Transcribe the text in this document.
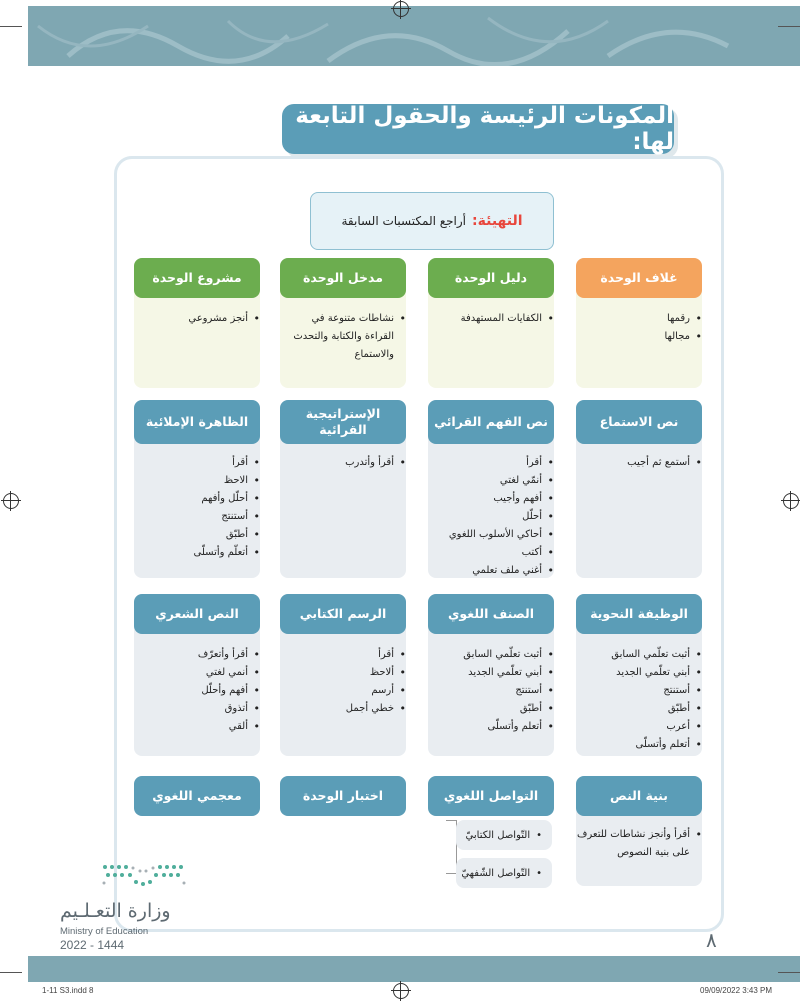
المكونات الرئيسة والحقول التابعة لها:
التهيئة:
أراجع المكتسبات السابقة
غلاف الوحدة
• رقمها
• مجالها
دليل الوحدة
• الكفايات المستهدفة
مدخل الوحدة
• نشاطات متنوعة في القراءة والكتابة والتحدث والاستماع
مشروع الوحدة
• أنجز مشروعي
نص الاستماع
• أستمع ثم أجيب
نص الفهم القرائي
• أقرأ
• أنمّي لغتي
• أفهم وأجيب
• أحلّل
• أحاكي الأسلوب اللغوي
• أكتب
• أغني ملف تعلمي
الإستراتيجية القرائية
• أقرأ وأتدرب
الظاهرة الإملائية
• أقرأ
• الاحظ
• أحلّل وأفهم
• أستنتج
• أطبّق
• أتعلّم وأتسلّى
الوظيفة النحوية
• أثبت تعلّمي السابق
• أبني تعلّمي الجديد
• أستنتج
• أطبّق
• أعرب
• أتعلم وأتسلّى
الصنف اللغوي
• أثبت تعلّمي السابق
• أبني تعلّمي الجديد
• أستنتج
• أطبّق
• أتعلم وأتسلّى
الرسم الكتابي
• أقرأ
• ألاحظ
• أرسم
• خطي أجمل
النص الشعري
• أقرأ وأتعرّف
• أنمي لغتي
• أفهم وأحلّل
• أتذوق
• ألقي
بنية النص
• أقرأ وأنجز نشاطات للتعرف على بنية النصوص
التواصل اللغوي
• التّواصل الكتابيّ
• التّواصل الشّفهيّ
اختبار الوحدة
معجمي اللغوي
وزارة التعـلـيم
Ministry of Education
2022 - 1444	٨
1-11 S3.indd 8	09/09/2022 3:43 PM
